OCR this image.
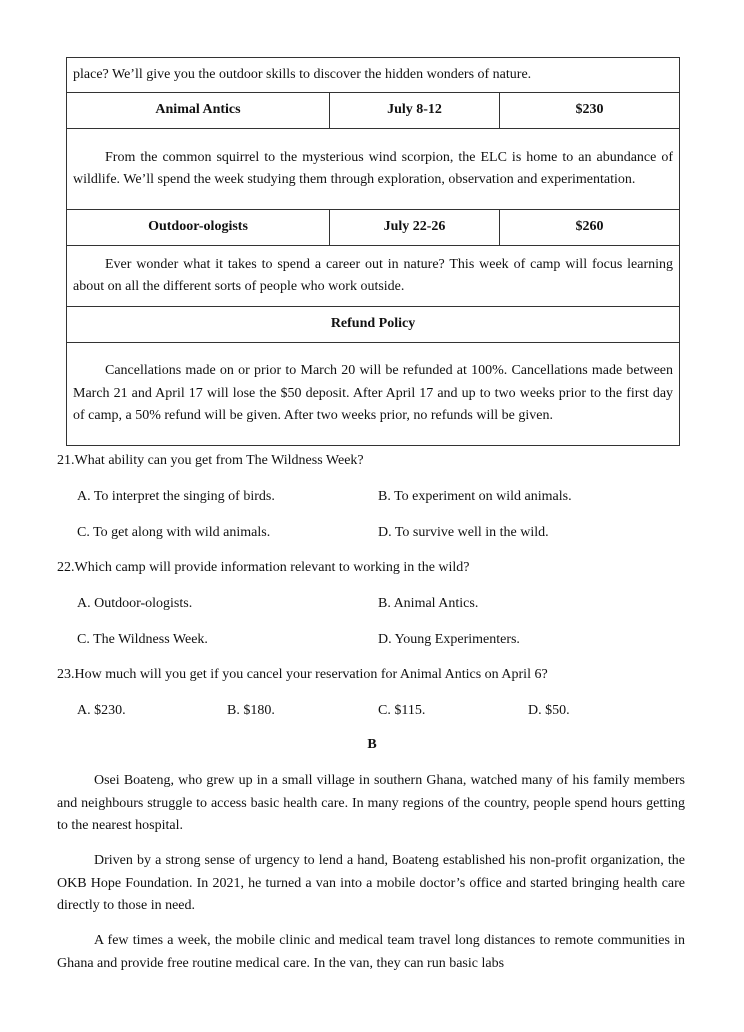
place? We’ll give you the outdoor skills to discover the hidden wonders of nature.		
Animal Antics	July 8-12	$230
From the common squirrel to the mysterious wind scorpion, the ELC is home to an abundance of wildlife. We’ll spend the week studying them through exploration, observation and experimentation.		
Outdoor-ologists	July 22-26	$260
Ever wonder what it takes to spend a career out in nature? This week of camp will focus learning about on all the different sorts of people who work outside.		
Refund Policy		
Cancellations made on or prior to March 20 will be refunded at 100%. Cancellations made between March 21 and April 17 will lose the $50 deposit. After April 17 and up to two weeks prior to the first day of camp, a 50% refund will be given. After two weeks prior, no refunds will be given.		
21.What ability can you get from The Wildness Week?
A. To interpret the singing of birds.	B. To experiment on wild animals.
C. To get along with wild animals.	D. To survive well in the wild.
22.Which camp will provide information relevant to working in the wild?
A. Outdoor-ologists.	B. Animal Antics.
C. The Wildness Week.	D. Young Experimenters.
23.How much will you get if you cancel your reservation for Animal Antics on April 6?
A. $230.	B. $180.	C. $115.	D. $50.
B
Osei Boateng, who grew up in a small village in southern Ghana, watched many of his family members and neighbours struggle to access basic health care. In many regions of the country, people spend hours getting to the nearest hospital.
Driven by a strong sense of urgency to lend a hand, Boateng established his non-profit organization, the OKB Hope Foundation. In 2021, he turned a van into a mobile doctor’s office and started bringing health care directly to those in need.
A few times a week, the mobile clinic and medical team travel long distances to remote communities in Ghana and provide free routine medical care. In the van, they can run basic labs
